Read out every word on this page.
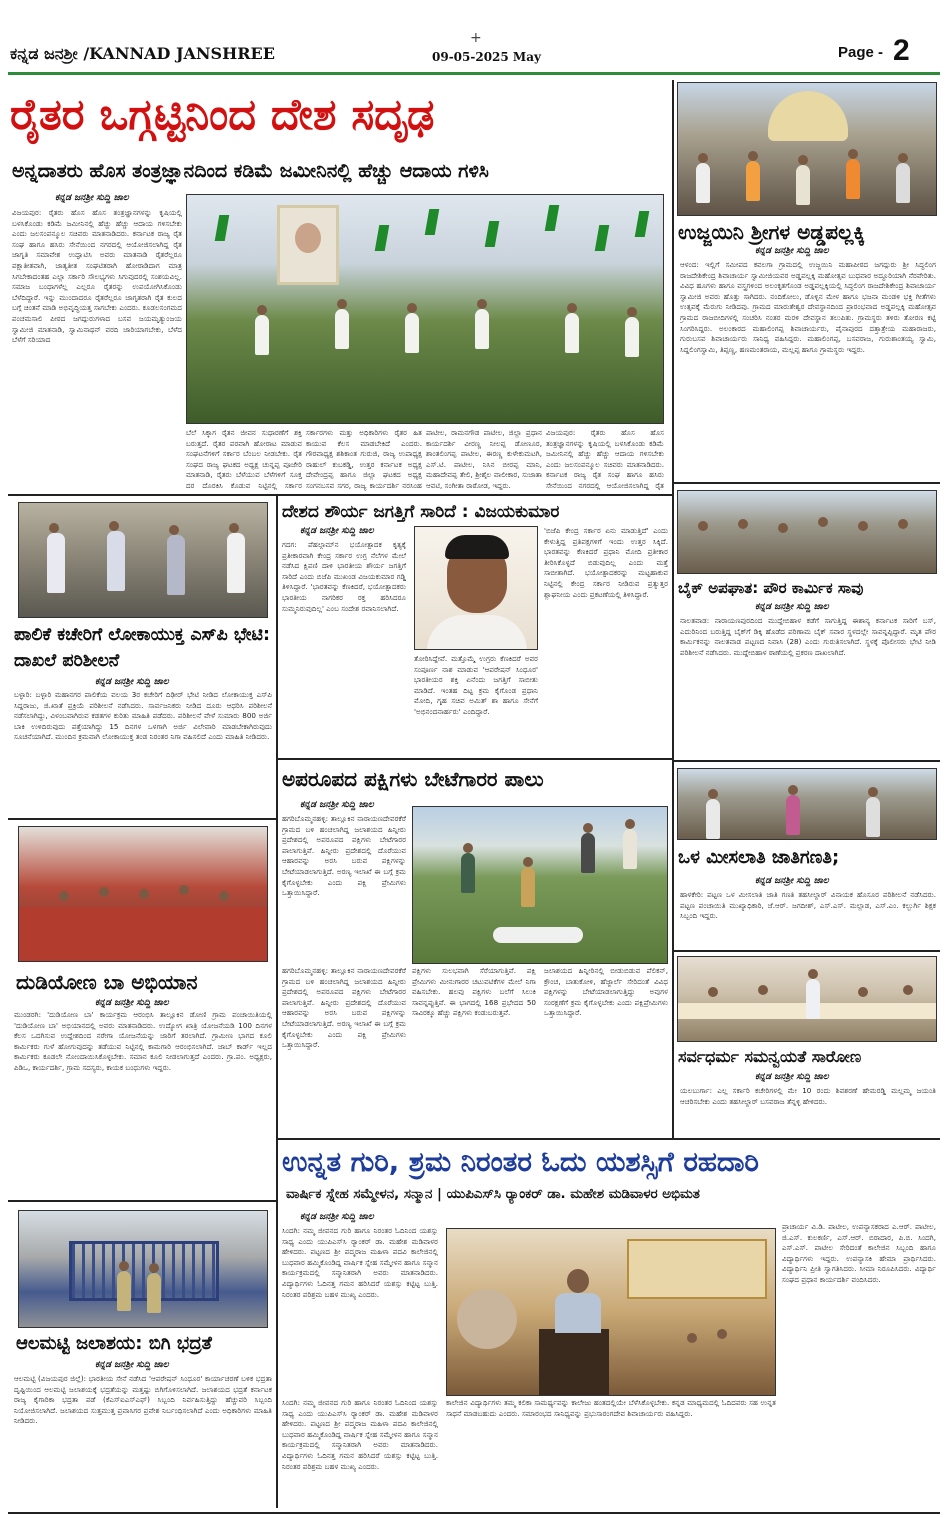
+
ಕನ್ನಡ ಜನಶ್ರೀ /KANNAD JANSHREE	09-05-2025 May	Page - 2
ರೈತರ ಒಗ್ಗಟ್ಟಿನಿಂದ ದೇಶ ಸದೃಢ
ಅನ್ನದಾತರು ಹೊಸ ತಂತ್ರಜ್ಞಾನದಿಂದ ಕಡಿಮೆ ಜಮೀನಿನಲ್ಲಿ ಹೆಚ್ಚು ಆದಾಯ ಗಳಿಸಿ
ಕನ್ನಡ ಜನಶ್ರೀ ಸುದ್ದಿ ಜಾಲ
ವಿಜಯಪುರ: ರೈತರು ಹೊಸ ಹೊಸ ತಂತ್ರಜ್ಞಾನಗಳನ್ನು ಕೃಷಿಯಲ್ಲಿ ಬಳಸಿಕೊಂಡು ಕಡಿಮೆ ಜಮೀನಿನಲ್ಲಿ ಹೆಚ್ಚು ಹೆಚ್ಚು ಆದಾಯ ಗಳಿಸಬೇಕು ಎಂದು ಜಲಸಂಪನ್ಮೂಲ ಸಚಿವರು ಮಾತನಾಡಿದರು. ಕರ್ನಾಟಕ ರಾಜ್ಯ ರೈತ ಸಂಘ ಹಾಗೂ ಹಸಿರು ಸೇನೆಯಿಂದ ನಗರದಲ್ಲಿ ಆಯೋಜಿಸಲಾಗಿದ್ದ ರೈತ ಜಾಗೃತಿ ಸಮಾವೇಶ ಉದ್ಘಾಟಿಸಿ ಅವರು ಮಾತನಾಡಿ ರೈತರೆಲ್ಲರೂ ಪಕ್ಷಾತೀತವಾಗಿ, ಜಾತ್ಯತೀತ ಸಂಘಟಿತರಾಗಿ ಹೋರಾಡಿದಾಗ ಮಾತ್ರ ಸಿಗಬೇಕಾದಂತಹ ಎಲ್ಲಾ ಸರ್ಕಾರಿ ಸೌಲಭ್ಯಗಳು ಸಿಗುವುದರಲ್ಲಿ ಸಂಶಯವಿಲ್ಲ. ಸಮಾಜ ಬಂಧಾಗಳೆಲ್ಲ ಎಲ್ಲರೂ ರೈತರನ್ನು ಉಪಯೋಗಿಸಿಕೊಂಡು ಬೆಳೆದಿದ್ದಾರೆ. ಇನ್ನು ಮುಂದಾದರೂ ರೈತರೆಲ್ಲರೂ ಜಾಗೃತರಾಗಿ ರೈತ ಕುಲದ ಬಗ್ಗೆ ಚಿಂತನೆ ಮಾಡಿ ಅಭಿವೃದ್ಧಿಯತ್ತ ಸಾಗಬೇಕು ಎಂದರು. ಕೂಡಲಸಂಗಮದ ಪಂಚಮಸಾಲಿ ಪೀಠದ ಜಗದ್ಗುರುಗಳಾದ ಬಸವ ಜಯಮೃತ್ಯುಂಜಯ ಸ್ವಾಮೀಜಿ ಮಾತನಾಡಿ, ಸ್ವಾಮಿನಾಥನ್ ವರದಿ ಜಾರಿಯಾಗಬೇಕು, ಬೆಳೆದ ಬೆಳೆಗೆ ಸರಿಯಾದ
ಬೆಲೆ ಸಿಕ್ಕಾಗ ರೈತನ ಜೀವನ ಸುಧಾರಣೆಗೆ ಶಕ್ತಿ ಬರುತ್ತದೆ. ರೈತರ ಪರವಾಗಿ ಹೋರಾಟ ಮಾಡುವ ಸಂಘಟನೆಗಳಿಗೆ ಸರ್ಕಾರ ಬೆಂಬಲ ನೀಡಬೇಕು. ರೈತ ಸಂಘದ ರಾಜ್ಯ ಘಟಕದ ಅಧ್ಯಕ್ಷ ಚುನ್ನಪ್ಪ ಪೂಜೇರಿ ಮಾತನಾಡಿ, ರೈತರು ಬೆಳೆಯುವ ಬೆಳೆಗಳಿಗೆ ಸೂಕ್ತ ದರ ದೊರಕಿಸಿ ಕೊಡುವ ನಿಟ್ಟಿನಲ್ಲಿ ಸರ್ಕಾರ
ಸರ್ಕಾರಗಳು ಮತ್ತು ಅಧಿಕಾರಿಗಳು ರೈತರ ಹಿತ ಕಾಯುವ ಕೆಲಸ ಮಾಡಬೇಕಿದೆ ಎಂದರು. ಗೌರವಾಧ್ಯಕ್ಷ ಶಶಿಕಾಂತ ಗುರುಜಿ, ರಾಜ್ಯ ಉಪಾಧ್ಯಕ್ಷ ರಾಹುಲ್ ಕುಬಕಡ್ಡಿ, ಉತ್ತರ ಕರ್ನಾಟಕ ಅಧ್ಯಕ್ಷ ದೇವೇಂದ್ರಪ್ಪ ಹಾಗೂ ಜಿಲ್ಲಾ ಘಟಕದ ಅಧ್ಯಕ್ಷ ಸಂಗನಬಸವ ಸಗರ, ರಾಜ್ಯ ಕಾರ್ಯದರ್ಶಿ ನರಸಿಂಹ
ಪಾಟೀಲ, ರಾಮನಗೌಡ ಪಾಟೀಲ, ಜಿಲ್ಲಾ ಪ್ರಧಾನ ಕಾರ್ಯದರ್ಶಿ ವೀರಣ್ಣ ನೀಲಪ್ಪ ಡೋಣೂರ, ಶಾಂತಲಿಂಗಪ್ಪ ಪಾಟೀಲ, ಈರಣ್ಣ ಕುಳೇಕುಮಟಗಿ, ಎಸ್.ಟಿ. ಪಾಟೀಲ, ನಿಸಿನ ಬೀರಪ್ಪ ಮಾನಿ, ಮಹಾದೇವಪ್ಪ ತೇಲಿ, ಶ್ರೀಶೈಲ ವಾಲೀಕಾರ, ಸುಜಾತಾ ಆವಟಿ, ಸಂಗೀತಾ ರಾಠೋಡ, ಇದ್ದರು.
ವಿಜಯಪುರ: ರೈತರು ಹೊಸ ಹೊಸ ತಂತ್ರಜ್ಞಾನಗಳನ್ನು ಕೃಷಿಯಲ್ಲಿ ಬಳಸಿಕೊಂಡು ಕಡಿಮೆ ಜಮೀನಿನಲ್ಲಿ ಹೆಚ್ಚು ಹೆಚ್ಚು ಆದಾಯ ಗಳಿಸಬೇಕು ಎಂದು ಜಲಸಂಪನ್ಮೂಲ ಸಚಿವರು ಮಾತನಾಡಿದರು. ಕರ್ನಾಟಕ ರಾಜ್ಯ ರೈತ ಸಂಘ ಹಾಗೂ ಹಸಿರು ಸೇನೆಯಿಂದ ನಗರದಲ್ಲಿ ಆಯೋಜಿಸಲಾಗಿದ್ದ ರೈತ
ಉಜ್ಜಯಿನಿ ಶ್ರೀಗಳ ಅಡ್ಡಪಲ್ಲಕ್ಕಿ
ಕನ್ನಡ ಜನಶ್ರೀ ಸುದ್ದಿ ಜಾಲ
ಆಳಂದ: ಇಲ್ಲಿಗೆ ಸಮೀಪದ ಕವಲಗಾ ಗ್ರಾಮದಲ್ಲಿ ಉಜ್ಜಯಿನಿ ಮಹಾಪೀಠದ ಜಗದ್ಗುರು ಶ್ರೀ ಸಿದ್ಧಲಿಂಗ ರಾಜದೇಶಿಕೇಂದ್ರ ಶಿವಾಚಾರ್ಯ ಸ್ವಾಮೀಜಿಯವರ ಅಡ್ಡಪಲ್ಲಕ್ಕಿ ಮಹೋತ್ಸವ ಬುಧವಾರ ಅದ್ಧೂರಿಯಾಗಿ ನೆರವೇರಿತು. ವಿವಿಧ ಹೂಗಳು ಹಾಗೂ ವಸ್ತ್ರಗಳಿಂದ ಅಲಂಕೃತಗೊಂಡ ಅಡ್ಡಪಲ್ಲಕ್ಕಿಯಲ್ಲಿ ಸಿದ್ಧಲಿಂಗ ರಾಜದೇಶಿಕೇಂದ್ರ ಶಿವಾಚಾರ್ಯ ಸ್ವಾಮೀಜಿ ಅವರು ಹೊತ್ತು ಸಾಗಿದರು. ನಂದಿಕೋಲು, ಡೊಳ್ಳಿನ ಮೇಳ ಹಾಗೂ ಭಜನಾ ಮಂಡಳಿ ಭಕ್ತಿ ಗೀತೆಗಳು ಉತ್ಸವಕ್ಕೆ ಮೆರುಗು ನೀಡಿದವು. ಗ್ರಾಮದ ಮಾರುತೇಶ್ವರ ದೇವಸ್ಥಾನದಿಂದ ಪ್ರಾರಂಭವಾದ ಅಡ್ಡಪಲ್ಲಕ್ಕಿ ಮಹೋತ್ಸವ ಗ್ರಾಮದ ರಾಜಬೀದಿಗಳಲ್ಲಿ ಸಂಚರಿಸಿ ನಂತರ ಮರಳಿ ದೇವಸ್ಥಾನ ತಲುಪಿತು. ಗ್ರಾಮಸ್ಥರು ತಳಿರು ತೋರಣ ಕಟ್ಟಿ ಸಿಂಗರಿಸಿದ್ದರು. ಅಲಂಕಾರದ ಮಹಾಲಿಂಗಪ್ಪ ಶಿವಾಚಾರ್ಯರು, ಪೈನಾಪುರದ ದತ್ತಾತ್ರೇಯ ಮಹಾರಾಜರು, ಗುರುಬಸವ ಶಿವಾಚಾರ್ಯರು ಸಾನಿಧ್ಯ ವಹಿಸಿದ್ದರು. ಮಹಾಲಿಂಗಪ್ಪ, ಬಸವರಾಜ, ಗುರುಶಾಂತಯ್ಯ ಸ್ವಾಮಿ, ಸಿದ್ದಲಿಂಗಸ್ವಾಮಿ, ತಿಪ್ಪಣ್ಣ, ಹಣಮಂತರಾಯ, ಮಲ್ಲಪ್ಪ ಹಾಗೂ ಗ್ರಾಮಸ್ಥರು ಇದ್ದರು.
ಪಾಲಿಕೆ ಕಚೇರಿಗೆ ಲೋಕಾಯುಕ್ತ ಎಸ್‌ಪಿ ಭೇಟಿ: ದಾಖಲೆ ಪರಿಶೀಲನೆ
ಕನ್ನಡ ಜನಶ್ರೀ ಸುದ್ದಿ ಜಾಲ
ಬಳ್ಳಾರಿ: ಬಳ್ಳಾರಿ ಮಹಾನಗರ ಪಾಲಿಕೆಯ ವಲಯ 3ರ ಕಚೇರಿಗೆ ದಿಢೀರ್ ಭೇಟಿ ನೀಡಿದ ಲೋಕಾಯುಕ್ತ ಎಸ್‌ಪಿ ಸಿದ್ದರಾಜು, ಜಿ.ಖಾತೆ ಪ್ರಕ್ರಿಯೆ ಪರಿಶೀಲನೆ ನಡೆಸಿದರು. ಸಾರ್ವಜನಿಕರು ನೀಡಿದ ದೂರು ಆಧರಿಸಿ ಪರಿಶೀಲನೆ ನಡೆಸಲಾಗಿದ್ದು, ವಿಳಂಬವಾಗಿರುವ ಕಡತಗಳ ಕುರಿತು ಮಾಹಿತಿ ಪಡೆದರು. ಪರಿಶೀಲನೆ ವೇಳೆ ಸುಮಾರು 800 ಅರ್ಜಿ ಬಾಕಿ ಉಳಿದಿರುವುದು ಪತ್ತೆಯಾಗಿದ್ದು 15 ದಿನಗಳ ಒಳಗಾಗಿ ಅರ್ಜಿ ವಿಲೇವಾರಿ ಮಾಡಬೇಕಾಗಿರುವುದು ಸೂಚನೆಯಾಗಿದೆ. ಮುಂದಿನ ಕ್ರಮವಾಗಿ ಲೋಕಾಯುಕ್ತ ತಂಡ ನಿರಂತರ ನಿಗಾ ವಹಿಸಲಿದೆ ಎಂದು ಮಾಹಿತಿ ನೀಡಿದರು.
ದುಡಿಯೋಣ ಬಾ ಅಭಿಯಾನ
ಕನ್ನಡ ಜನಶ್ರೀ ಸುದ್ದಿ ಜಾಲ
ಮುಂಡರಗಿ: 'ದುಡಿಯೋಣ ಬಾ' ಕಾರ್ಯಕ್ರಮ ಆರಂಭಿಸಿ ತಾಲ್ಲೂಕಿನ ಡೋಣಿ ಗ್ರಾಮ ಪಂಚಾಯಿತಿಯಲ್ಲಿ 'ದುಡಿಯೋಣ ಬಾ' ಅಭಿಯಾನದಲ್ಲಿ ಅವರು ಮಾತನಾಡಿದರು. ಉದ್ಯೋಗ ಖಾತ್ರಿ ಯೋಜನೆಯಡಿ 100 ದಿನಗಳ ಕೆಲಸ ಒದಗಿಸುವ ಉದ್ದೇಶದಿಂದ ನರೇಗಾ ಯೋಜನೆಯನ್ನು ಜಾರಿಗೆ ತರಲಾಗಿದೆ. ಗ್ರಾಮೀಣ ಭಾಗದ ಕೂಲಿ ಕಾರ್ಮಿಕರು ಗುಳೆ ಹೋಗುವುದನ್ನು ತಡೆಯುವ ನಿಟ್ಟಿನಲ್ಲಿ ಕಾಮಗಾರಿ ಆರಂಭಿಸಲಾಗಿದೆ. ಜಾಬ್ ಕಾರ್ಡ್ ಇಲ್ಲದ ಕಾರ್ಮಿಕರು ಕೂಡಲೇ ನೋಂದಾಯಿಸಿಕೊಳ್ಳಬೇಕು. ಸಮಾನ ಕೂಲಿ ನೀಡಲಾಗುತ್ತದೆ ಎಂದರು. ಗ್ರಾ.ಪಂ. ಅಧ್ಯಕ್ಷರು, ಪಿಡಿಒ, ಕಾರ್ಯದರ್ಶಿ, ಗ್ರಾಮ ಸದಸ್ಯರು, ಕಾಯಕ ಬಂಧುಗಳು ಇದ್ದರು.
ಆಲಮಟ್ಟಿ ಜಲಾಶಯ: ಬಿಗಿ ಭದ್ರತೆ
ಕನ್ನಡ ಜನಶ್ರೀ ಸುದ್ದಿ ಜಾಲ
ಆಲಮಟ್ಟಿ (ವಿಜಯಪುರ ಜಿಲ್ಲೆ): ಭಾರತೀಯ ಸೇನೆ ನಡೆಸಿದ 'ಆಪರೇಷನ್ ಸಿಂಧೂರ' ಕಾರ್ಯಾಚರಣೆ ಬಳಿಕ ಭದ್ರತಾ ದೃಷ್ಟಿಯಿಂದ ಆಲಮಟ್ಟಿ ಜಲಾಶಯಕ್ಕೆ ಭದ್ರತೆಯನ್ನು ಮತ್ತಷ್ಟು ಬಿಗಿಗೊಳಿಸಲಾಗಿದೆ. ಜಲಾಶಯದ ಭದ್ರತೆ ಕರ್ನಾಟಕ ರಾಜ್ಯ ಕೈಗಾರಿಕಾ ಭದ್ರತಾ ಪಡೆ (ಕೆಎಸ್ಐಎಸ್ಎಫ್) ಸಿಬ್ಬಂದಿ ನಿರ್ವಹಿಸುತ್ತಿದ್ದು ಹೆಚ್ಚುವರಿ ಸಿಬ್ಬಂದಿ ನಿಯೋಜಿಸಲಾಗಿದೆ. ಜಲಾಶಯದ ಸುತ್ತಮುತ್ತ ಪ್ರವಾಸಿಗರ ಪ್ರವೇಶ ನಿರ್ಬಂಧಿಸಲಾಗಿದೆ ಎಂದು ಅಧಿಕಾರಿಗಳು ಮಾಹಿತಿ ನೀಡಿದರು.
ದೇಶದ ಶೌರ್ಯ ಜಗತ್ತಿಗೆ ಸಾರಿದೆ : ವಿಜಯಕುಮಾರ
ಕನ್ನಡ ಜನಶ್ರೀ ಸುದ್ದಿ ಜಾಲ
ಗದಗ: ಪೆಹಲ್ಗಾಮ್‌ನ ಭಯೋತ್ಪಾದಕ ಕೃತ್ಯಕ್ಕೆ ಪ್ರತೀಕಾರವಾಗಿ ಕೇಂದ್ರ ಸರ್ಕಾರ ಉಗ್ರ ನೆಲೆಗಳ ಮೇಲೆ ನಡೆಸಿದ ಕ್ಷಿಪಣಿ ದಾಳಿ ಭಾರತೀಯ ಶೌರ್ಯ ಜಗತ್ತಿಗೆ ಸಾರಿದೆ ಎಂದು ಬಿಜೆಪಿ ಮುಖಂಡ ವಿಜಯಕುಮಾರ ಗಡ್ಡಿ ತಿಳಿಸಿದ್ದಾರೆ. 'ಭಾರತವನ್ನು ಕೆಣಕಿದರೆ, ಭಯೋತ್ಪಾದಕರು ಭಾರತೀಯ ನಾಗರಿಕರ ರಕ್ತ ಹರಿಸಿದರೂ ಸುಮ್ಮನಿರುವುದಿಲ್ಲ' ಎಂಬ ಸಂದೇಶ ರವಾನಿಸಲಾಗಿದೆ.
ತೋರಿಸಿದ್ದೇವೆ. ಮತ್ತೊಮ್ಮೆ ಉಗ್ರರು ಕೆಣಕಿದರೆ ಅವರ ಸಂಪೂರ್ಣ ನಾಶ ಮಾಡುವ 'ಆಪರೇಷನ್ ಸಿಂಧೂರ' ಭಾರತೀಯರ ಶಕ್ತಿ ಏನೆಂದು ಜಗತ್ತಿಗೆ ಸಾಬೀತು ಮಾಡಿದೆ. ಇಂತಹ ದಿಟ್ಟ ಕ್ರಮ ಕೈಗೊಂಡ ಪ್ರಧಾನಿ ಮೋದಿ, ಗೃಹ ಸಚಿವ ಅಮಿತ್ ಶಾ ಹಾಗೂ ಸೇನೆಗೆ 'ಅಭಿನಂದನಾರ್ಹರು' ಎಂದಿದ್ದಾರೆ.
'ಬಿಜೆಪಿ ಕೇಂದ್ರ ಸರ್ಕಾರ ಏನು ಮಾಡುತ್ತಿದೆ' ಎಂದು ಕೇಳುತ್ತಿದ್ದ ಪ್ರತಿಪಕ್ಷಗಳಿಗೆ ಇಂದು ಉತ್ತರ ಸಿಕ್ಕಿದೆ. ಭಾರತವನ್ನು ಕೆಣಕಿದರೆ ಪ್ರಧಾನಿ ಮೋದಿ ಪ್ರತೀಕಾರ ತೀರಿಸಿಕೊಳ್ಳದೆ ಬಿಡುವುದಿಲ್ಲ ಎಂದು ಮತ್ತೆ ಸಾಬೀತಾಗಿದೆ. ಭಯೋತ್ಪಾದಕರನ್ನು ಮಟ್ಟಹಾಕುವ ನಿಟ್ಟಿನಲ್ಲಿ ಕೇಂದ್ರ ಸರ್ಕಾರ ನೀಡಿರುವ ಪ್ರತ್ಯುತ್ತರ ಶ್ಲಾಘನೀಯ ಎಂದು ಪ್ರಕಟಣೆಯಲ್ಲಿ ತಿಳಿಸಿದ್ದಾರೆ.
ಅಪರೂಪದ ಪಕ್ಷಿಗಳು ಬೇಟೆಗಾರರ ಪಾಲು
ಕನ್ನಡ ಜನಶ್ರೀ ಸುದ್ದಿ ಜಾಲ
ಹಗರಿಬೊಮ್ಮನಹಳ್ಳಿ: ತಾಲ್ಲೂಕಿನ ನಾರಾಯಣದೇವರಕೆರೆ ಗ್ರಾಮದ ಬಳಿ ಹಂಚಲಾಗಿದ್ದ ಜಲಾಶಯದ ಹಿನ್ನೀರು ಪ್ರದೇಶದಲ್ಲಿ ಅಪರೂಪದ ಪಕ್ಷಿಗಳು ಬೇಟೆಗಾರರ ಪಾಲಾಗುತ್ತಿವೆ. ಹಿನ್ನೀರು ಪ್ರದೇಶದಲ್ಲಿ ದೊರೆಯುವ ಆಹಾರವನ್ನು ಅರಸಿ ಬರುವ ಪಕ್ಷಿಗಳನ್ನು ಬೇಟೆಯಾಡಲಾಗುತ್ತಿದೆ. ಅರಣ್ಯ ಇಲಾಖೆ ಈ ಬಗ್ಗೆ ಕ್ರಮ ಕೈಗೊಳ್ಳಬೇಕು ಎಂದು ಪಕ್ಷಿ ಪ್ರೇಮಿಗಳು ಒತ್ತಾಯಿಸಿದ್ದಾರೆ.
ಪಕ್ಷಿಗಳು ಸುಲಭವಾಗಿ ಸೆರೆಯಾಗುತ್ತಿವೆ. ಪಕ್ಷಿ ಪ್ರೇಮಿಗಳು ಮೀನುಗಾರರ ಚಟುವಟಿಕೆಗಳ ಮೇಲೆ ನಿಗಾ ವಹಿಸಬೇಕು. ಹಲವು ಪಕ್ಷಿಗಳು ಬಲೆಗೆ ಸಿಲುಕಿ ಸಾವನ್ನಪ್ಪುತ್ತಿವೆ. ಈ ಭಾಗದಲ್ಲಿ 168 ಪ್ರಭೇದದ 50 ಸಾವಿರಕ್ಕೂ ಹೆಚ್ಚು ಪಕ್ಷಿಗಳು ಕಂಡುಬರುತ್ತವೆ.
ಜಲಾಶಯದ ಹಿನ್ನೀರಿನಲ್ಲಿ ಬೀಡುಬಿಡುವ ಪೆಲಿಕನ್, ಕ್ರೌಂಚ, ಬಾತುಕೋಳಿ, ಹೆಜ್ಜಾರ್ಲೆ ಸೇರಿದಂತೆ ವಿವಿಧ ಪಕ್ಷಿಗಳನ್ನು ಬೇಟೆಯಾಡಲಾಗುತ್ತಿದ್ದು ಅವುಗಳ ಸಂರಕ್ಷಣೆಗೆ ಕ್ರಮ ಕೈಗೊಳ್ಳಬೇಕು ಎಂದು ಪಕ್ಷಿಪ್ರೇಮಿಗಳು ಒತ್ತಾಯಿಸಿದ್ದಾರೆ.
ಹಗರಿಬೊಮ್ಮನಹಳ್ಳಿ: ತಾಲ್ಲೂಕಿನ ನಾರಾಯಣದೇವರಕೆರೆ ಗ್ರಾಮದ ಬಳಿ ಹಂಚಲಾಗಿದ್ದ ಜಲಾಶಯದ ಹಿನ್ನೀರು ಪ್ರದೇಶದಲ್ಲಿ ಅಪರೂಪದ ಪಕ್ಷಿಗಳು ಬೇಟೆಗಾರರ ಪಾಲಾಗುತ್ತಿವೆ. ಹಿನ್ನೀರು ಪ್ರದೇಶದಲ್ಲಿ ದೊರೆಯುವ ಆಹಾರವನ್ನು ಅರಸಿ ಬರುವ ಪಕ್ಷಿಗಳನ್ನು ಬೇಟೆಯಾಡಲಾಗುತ್ತಿದೆ. ಅರಣ್ಯ ಇಲಾಖೆ ಈ ಬಗ್ಗೆ ಕ್ರಮ ಕೈಗೊಳ್ಳಬೇಕು ಎಂದು ಪಕ್ಷಿ ಪ್ರೇಮಿಗಳು ಒತ್ತಾಯಿಸಿದ್ದಾರೆ.
ಬೈಕ್ ಅಪಘಾತ: ಪೌರ ಕಾರ್ಮಿಕ ಸಾವು
ಕನ್ನಡ ಜನಶ್ರೀ ಸುದ್ದಿ ಜಾಲ
ನಾಲತವಾಡ: ನಾರಾಯಣಪುರದಿಂದ ಮುದ್ದೇಬಿಹಾಳ ಕಡೆಗೆ ಸಾಗುತ್ತಿದ್ದ ಈಶಾನ್ಯ ಕರ್ನಾಟಕ ಸಾರಿಗೆ ಬಸ್, ಎದುರಿನಿಂದ ಬರುತ್ತಿದ್ದ ಬೈಕ್‌ಗೆ ಡಿಕ್ಕಿ ಹೊಡೆದ ಪರಿಣಾಮ ಬೈಕ್ ಸವಾರ ಸ್ಥಳದಲ್ಲೇ ಸಾವನ್ನಪ್ಪಿದ್ದಾರೆ. ಮೃತ ಪೌರ ಕಾರ್ಮಿಕನನ್ನು ನಾಲತವಾಡ ಪಟ್ಟಣದ ನಿವಾಸಿ (28) ಎಂದು ಗುರುತಿಸಲಾಗಿದೆ. ಸ್ಥಳಕ್ಕೆ ಪೊಲೀಸರು ಭೇಟಿ ನೀಡಿ ಪರಿಶೀಲನೆ ನಡೆಸಿದರು. ಮುದ್ದೇಬಿಹಾಳ ಠಾಣೆಯಲ್ಲಿ ಪ್ರಕರಣ ದಾಖಲಾಗಿದೆ.
ಒಳ ಮೀಸಲಾತಿ ಜಾತಿಗಣತಿ;
ಕನ್ನಡ ಜನಶ್ರೀ ಸುದ್ದಿ ಜಾಲ
ಹಾಳಕೇರಿ: ಪಟ್ಟಣ ಒಳ ಮೀಸಲಾತಿ ಜಾತಿ ಗಣತಿ ತಹಸೀಲ್ದಾರ್ ವಿನಾಯಕ ಹೊಸೂರ ಪರಿಶೀಲನೆ ನಡೆಸಿದರು. ಪಟ್ಟಣ ಪಂಚಾಯಿತಿ ಮುಖ್ಯಾಧಿಕಾರಿ, ಜೆ.ಆರ್. ಜಗದೀಶ್, ಎಸ್.ಎಸ್. ಮಲ್ಲಾಡ, ಎಸ್.ಎಂ. ಕಲ್ಬುರ್ಗಿ ಶಿಕ್ಷಕ ಸಿಬ್ಬಂದಿ ಇದ್ದರು.
ಸರ್ವಧರ್ಮ ಸಮನ್ವಯತೆ ಸಾರೋಣ
ಕನ್ನಡ ಜನಶ್ರೀ ಸುದ್ದಿ ಜಾಲ
ಯಲಬುರ್ಗಾ: ಎಲ್ಲ ಸರ್ಕಾರಿ ಕಚೇರಿಗಳಲ್ಲಿ ಮೇ 10 ರಂದು ಶಿವಶರಣೆ ಹೇಮರಡ್ಡಿ ಮಲ್ಲಮ್ಮ ಜಯಂತಿ ಆಚರಿಸಬೇಕು ಎಂದು ತಹಸೀಲ್ದಾರ್ ಬಸವರಾಜ ತೆನ್ನಳ್ಳಿ ಹೇಳಿದರು.
ಉನ್ನತ ಗುರಿ, ಶ್ರಮ ನಿರಂತರ ಓದು ಯಶಸ್ಸಿಗೆ ರಹದಾರಿ
ವಾರ್ಷಿಕ ಸ್ನೇಹ ಸಮ್ಮೇಳನ, ಸನ್ಮಾನ | ಯುಪಿಎಸ್‌ಸಿ ರ್‍ಯಾಂಕರ್ ಡಾ. ಮಹೇಶ ಮಡಿವಾಳರ ಅಭಿಮತ
ಕನ್ನಡ ಜನಶ್ರೀ ಸುದ್ದಿ ಜಾಲ
ಸಿಂದಗಿ: ನಮ್ಮ ಜೀವನದ ಗುರಿ ಹಾಗೂ ನಿರಂತರ ಓದಿನಿಂದ ಯಶಸ್ಸು ಸಾಧ್ಯ ಎಂದು ಯುಪಿಎಸ್‌ಸಿ ರ್‍ಯಾಂಕರ್ ಡಾ. ಮಹೇಶ ಮಡಿವಾಳರ ಹೇಳಿದರು. ಪಟ್ಟಣದ ಶ್ರೀ ಪದ್ಮರಾಜ ಮಹಿಳಾ ಪದವಿ ಕಾಲೇಜಿನಲ್ಲಿ ಬುಧವಾರ ಹಮ್ಮಿಕೊಂಡಿದ್ದ ವಾರ್ಷಿಕ ಸ್ನೇಹ ಸಮ್ಮೇಳನ ಹಾಗೂ ಸನ್ಮಾನ ಕಾರ್ಯಕ್ರಮದಲ್ಲಿ ಸನ್ಮಾನಿತರಾಗಿ ಅವರು ಮಾತನಾಡಿದರು. ವಿದ್ಯಾರ್ಥಿಗಳು ಓದಿನತ್ತ ಗಮನ ಹರಿಸಿದರೆ ಯಶಸ್ಸು ಕಟ್ಟಿಟ್ಟ ಬುತ್ತಿ. ನಿರಂತರ ಪರಿಶ್ರಮ ಬಹಳ ಮುಖ್ಯ ಎಂದರು.
ಕಾಲೇಜಿನ ವಿದ್ಯಾರ್ಥಿಗಳು ತಮ್ಮ ಕಲಿಕಾ ಸಾಮರ್ಥ್ಯವನ್ನು ಕಾಲೇಜು ಹಂತದಲ್ಲಿಯೇ ಬೆಳೆಸಿಕೊಳ್ಳಬೇಕು. ಕನ್ನಡ ಮಾಧ್ಯಮದಲ್ಲಿ ಓದಿದವರು ಸಹ ಉನ್ನತ ಸಾಧನೆ ಮಾಡಬಹುದು ಎಂದರು. ಸಮಾರಂಭದ ಸಾನಿಧ್ಯವನ್ನು ಪ್ರಭುಸಾರಂಗದೇವ ಶಿವಾಚಾರ್ಯರು ವಹಿಸಿದ್ದರು.
ಪ್ರಾಚಾರ್ಯ ವಿ.ಡಿ. ಪಾಟೀಲ, ಉಪನ್ಯಾಸಕರಾದ ಎ.ಆರ್. ಪಾಟೀಲ, ಜಿ.ಎಸ್. ಕುಲಕರ್ಣಿ, ಎಸ್.ಆರ್. ಬಿರಾದಾರ, ಪಿ.ಬಿ. ಸಿಂದಗಿ, ಎಸ್.ಎಸ್. ಪಾಟೀಲ ಸೇರಿದಂತೆ ಕಾಲೇಜಿನ ಸಿಬ್ಬಂದಿ ಹಾಗೂ ವಿದ್ಯಾರ್ಥಿಗಳು ಇದ್ದರು. ಉಪನ್ಯಾಸಕಿ ಹೇಮಾ ಪ್ರಾರ್ಥಿಸಿದರು. ವಿದ್ಯಾರ್ಥಿನಿ ಪ್ರೀತಿ ಸ್ವಾಗತಿಸಿದರು. ಸೀಮಾ ನಿರೂಪಿಸಿದರು. ವಿದ್ಯಾರ್ಥಿ ಸಂಘದ ಪ್ರಧಾನ ಕಾರ್ಯದರ್ಶಿ ವಂದಿಸಿದರು.
ಸಿಂದಗಿ: ನಮ್ಮ ಜೀವನದ ಗುರಿ ಹಾಗೂ ನಿರಂತರ ಓದಿನಿಂದ ಯಶಸ್ಸು ಸಾಧ್ಯ ಎಂದು ಯುಪಿಎಸ್‌ಸಿ ರ್‍ಯಾಂಕರ್ ಡಾ. ಮಹೇಶ ಮಡಿವಾಳರ ಹೇಳಿದರು. ಪಟ್ಟಣದ ಶ್ರೀ ಪದ್ಮರಾಜ ಮಹಿಳಾ ಪದವಿ ಕಾಲೇಜಿನಲ್ಲಿ ಬುಧವಾರ ಹಮ್ಮಿಕೊಂಡಿದ್ದ ವಾರ್ಷಿಕ ಸ್ನೇಹ ಸಮ್ಮೇಳನ ಹಾಗೂ ಸನ್ಮಾನ ಕಾರ್ಯಕ್ರಮದಲ್ಲಿ ಸನ್ಮಾನಿತರಾಗಿ ಅವರು ಮಾತನಾಡಿದರು. ವಿದ್ಯಾರ್ಥಿಗಳು ಓದಿನತ್ತ ಗಮನ ಹರಿಸಿದರೆ ಯಶಸ್ಸು ಕಟ್ಟಿಟ್ಟ ಬುತ್ತಿ. ನಿರಂತರ ಪರಿಶ್ರಮ ಬಹಳ ಮುಖ್ಯ ಎಂದರು.
